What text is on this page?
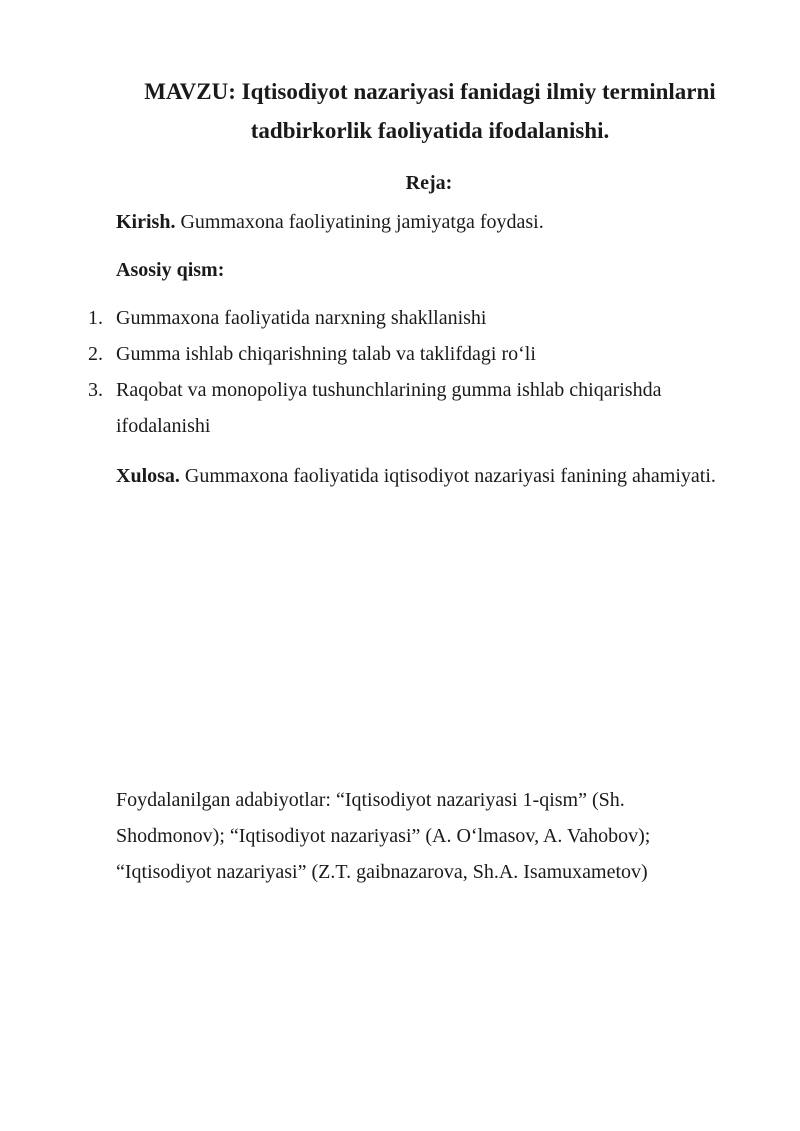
MAVZU: Iqtisodiyot nazariyasi fanidagi ilmiy terminlarni tadbirkorlik faoliyatida ifodalanishi.

Reja:

Kirish. Gummaxona faoliyatining jamiyatga foydasi.

Asosiy qism:

1. Gummaxona faoliyatida narxning shakllanishi
2. Gumma ishlab chiqarishning talab va taklifdagi ro‘li
3. Raqobat va monopoliya tushunchlarining gumma ishlab chiqarishda ifodalanishi

Xulosa. Gummaxona faoliyatida iqtisodiyot nazariyasi fanining ahamiyati.

Foydalanilgan adabiyotlar: “Iqtisodiyot nazariyasi 1-qism” (Sh. Shodmonov); “Iqtisodiyot nazariyasi” (A. O‘lmasov, A. Vahobov); “Iqtisodiyot nazariyasi” (Z.T. gaibnazarova, Sh.A. Isamuxametov)
